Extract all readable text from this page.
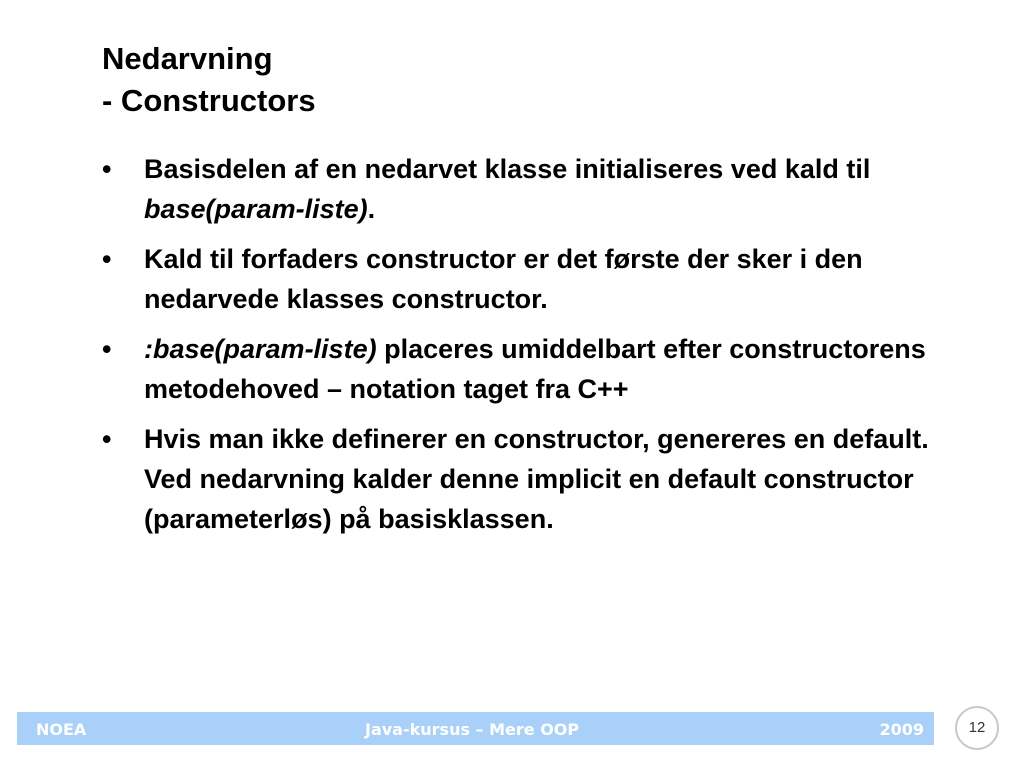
Nedarvning
- Constructors
• Basisdelen af en nedarvet klasse initialiseres ved kald til base(param-liste).
• Kald til forfaders constructor er det første der sker i den nedarvede klasses constructor.
• :base(param-liste) placeres umiddelbart efter constructorens metodehoved – notation taget fra C++
• Hvis man ikke definerer en constructor, genereres en default. Ved nedarvning kalder denne implicit en default constructor (parameterløs) på basisklassen.
NOEA	Java-kursus – Mere OOP	2009	12
